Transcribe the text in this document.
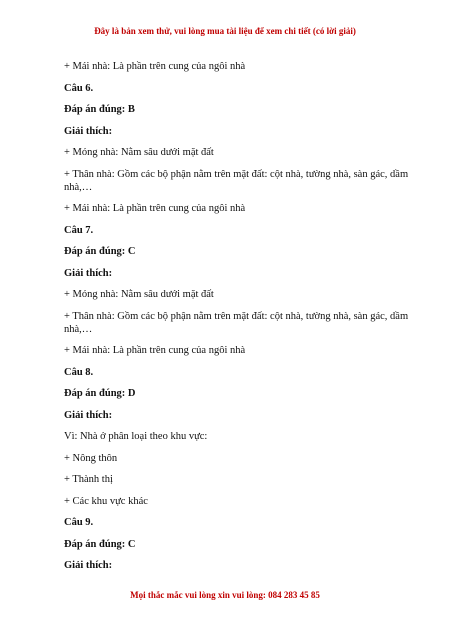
Đây là bản xem thử, vui lòng mua tài liệu để xem chi tiết (có lời giải)

+ Mái nhà: Là phần trên cung của ngôi nhà

Câu 6.

Đáp án đúng: B

Giải thích:

+ Móng nhà: Nằm sâu dưới mặt đất

+ Thân nhà: Gồm các bộ phận nằm trên mặt đất: cột nhà, tường nhà, sàn gác, dầm nhà,…

+ Mái nhà: Là phần trên cung của ngôi nhà

Câu 7.

Đáp án đúng: C

Giải thích:

+ Móng nhà: Nằm sâu dưới mặt đất

+ Thân nhà: Gồm các bộ phận nằm trên mặt đất: cột nhà, tường nhà, sàn gác, dầm nhà,…

+ Mái nhà: Là phần trên cung của ngôi nhà

Câu 8.

Đáp án đúng: D

Giải thích:

Vì: Nhà ở phân loại theo khu vực:

+ Nông thôn

+ Thành thị

+ Các khu vực khác

Câu 9.

Đáp án đúng: C

Giải thích:

Mọi thắc mắc vui lòng xin vui lòng: 084 283 45 85
